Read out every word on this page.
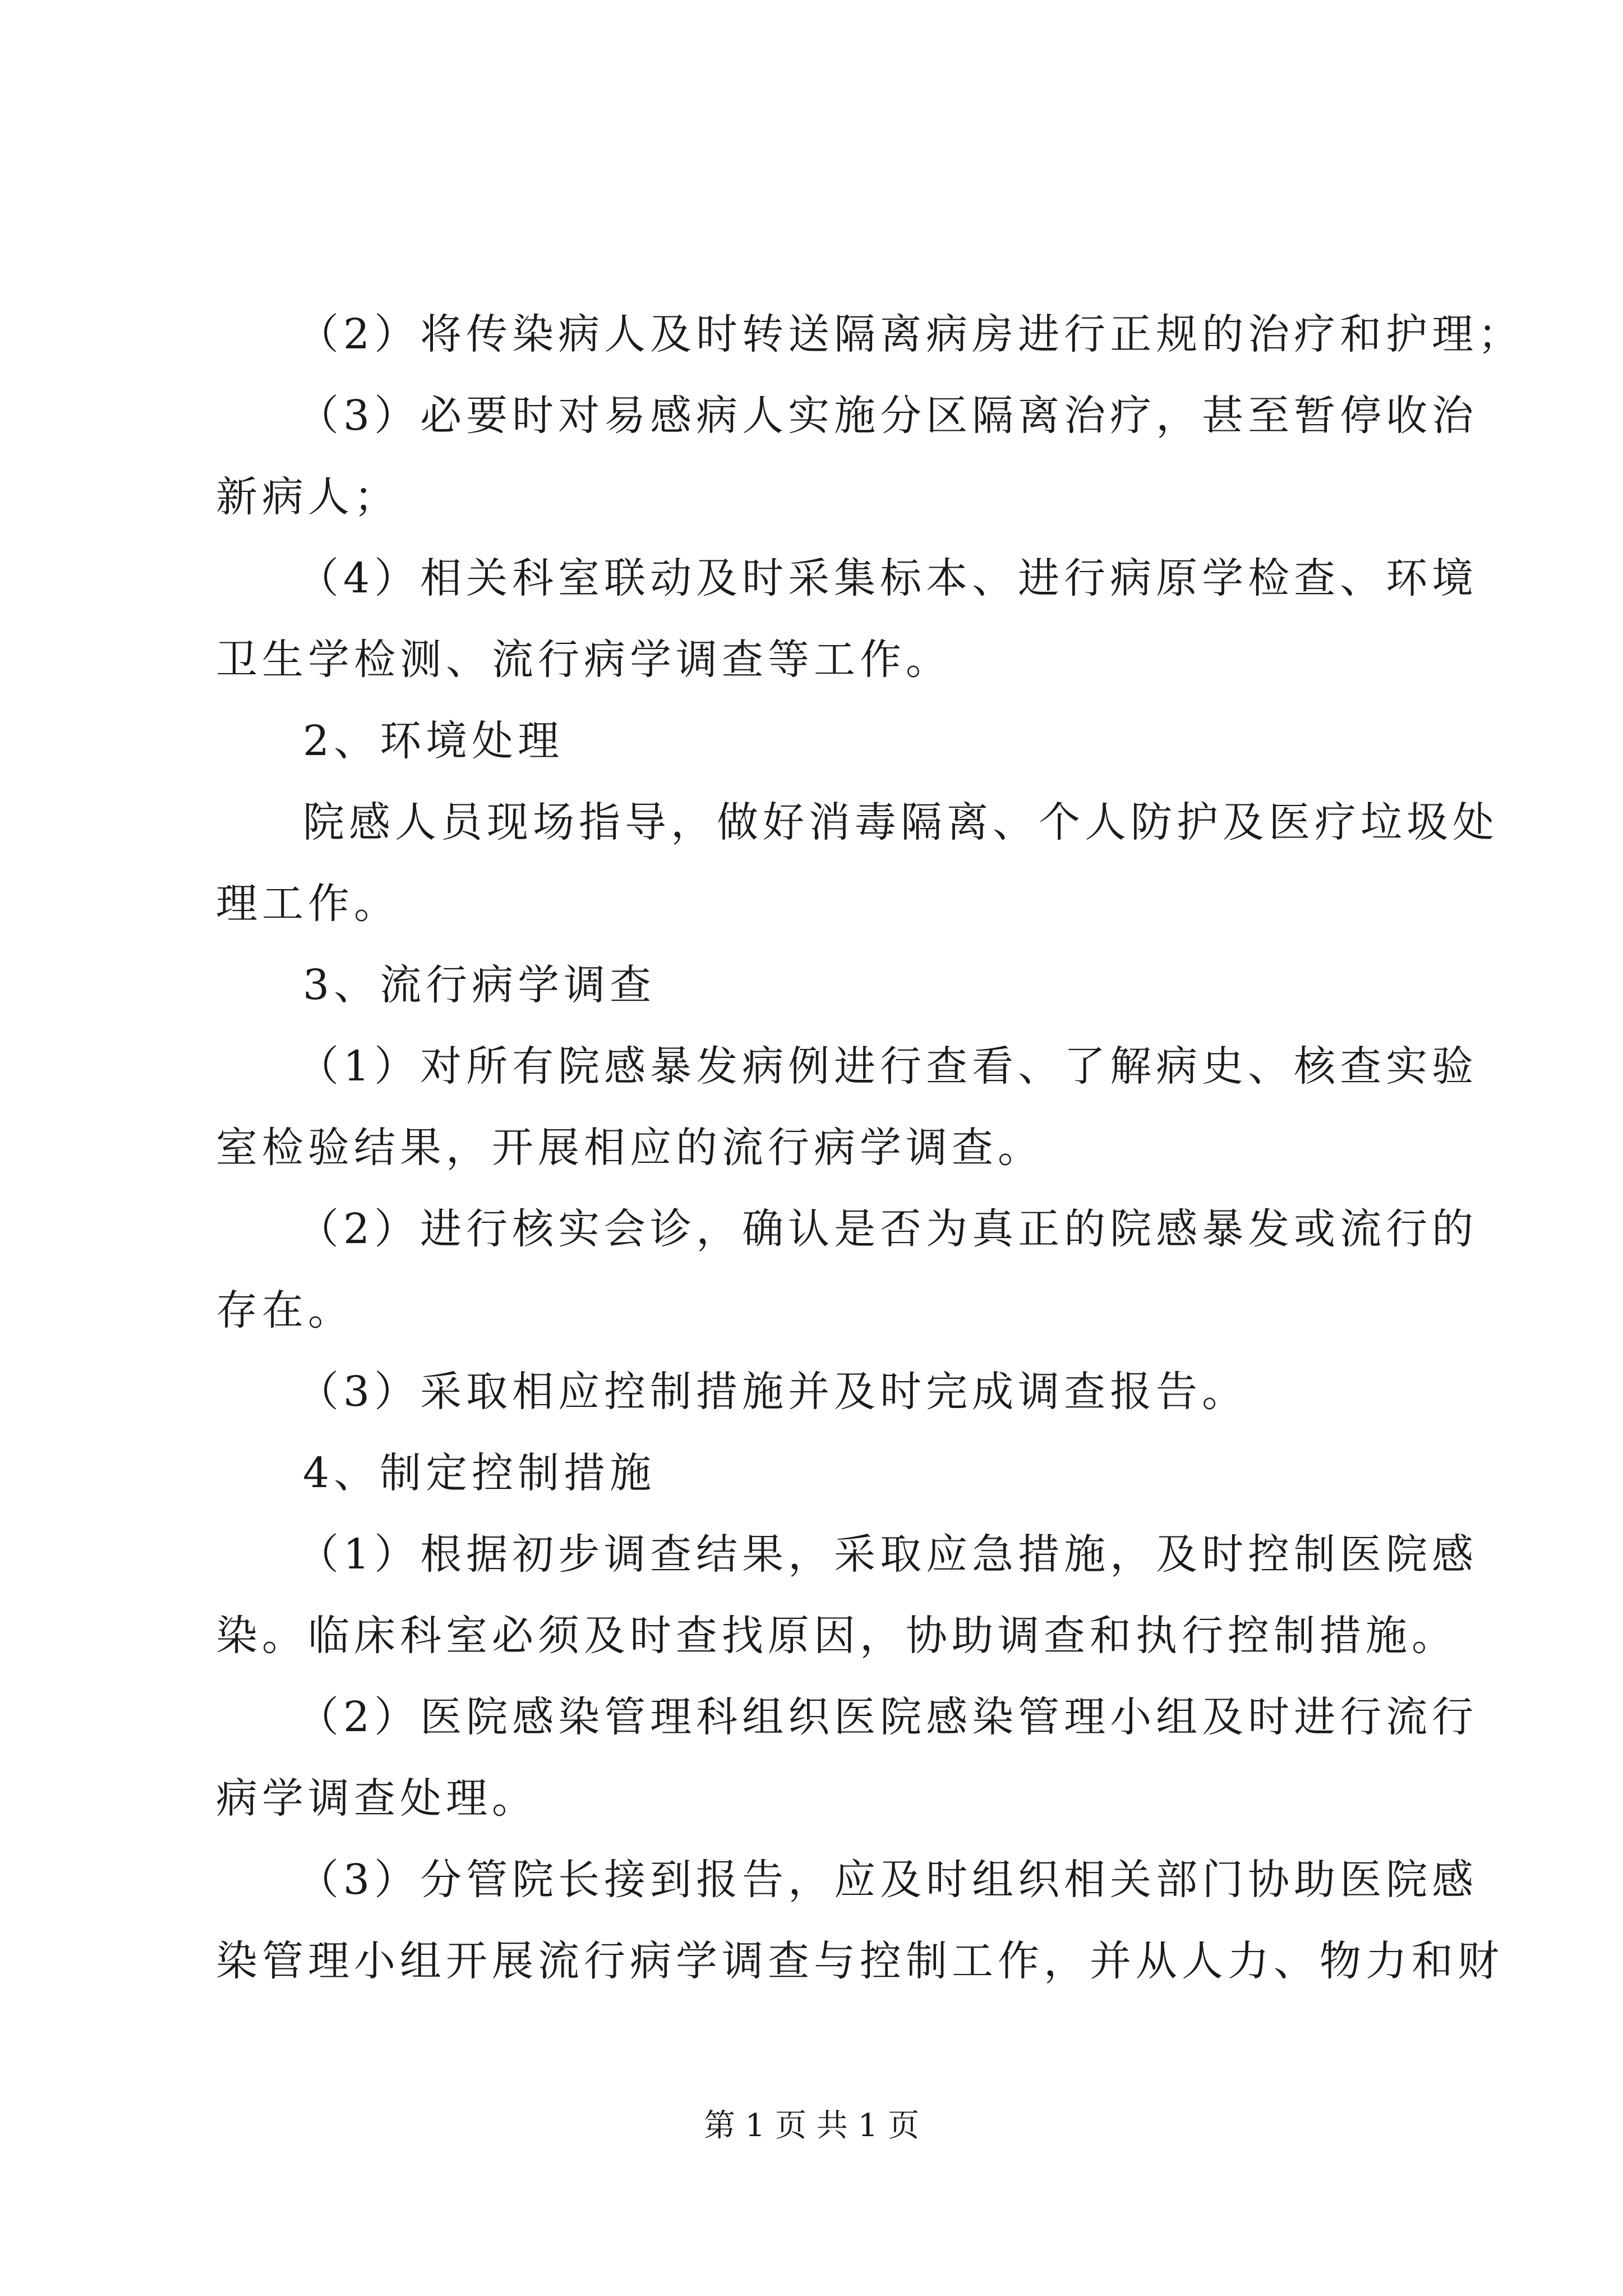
（2）将传染病人及时转送隔离病房进行正规的治疗和护理；
（3）必要时对易感病人实施分区隔离治疗，甚至暂停收治
新病人；
（4）相关科室联动及时采集标本、进行病原学检查、环境
卫生学检测、流行病学调查等工作。
2、环境处理
院感人员现场指导，做好消毒隔离、个人防护及医疗垃圾处
理工作。
3、流行病学调查
（1）对所有院感暴发病例进行查看、了解病史、核查实验
室检验结果，开展相应的流行病学调查。
（2）进行核实会诊，确认是否为真正的院感暴发或流行的
存在。
（3）采取相应控制措施并及时完成调查报告。
4、制定控制措施
（1）根据初步调查结果，采取应急措施，及时控制医院感
染。临床科室必须及时查找原因，协助调查和执行控制措施。
（2）医院感染管理科组织医院感染管理小组及时进行流行
病学调查处理。
（3）分管院长接到报告，应及时组织相关部门协助医院感
染管理小组开展流行病学调查与控制工作，并从人力、物力和财
第 1 页 共 1 页
